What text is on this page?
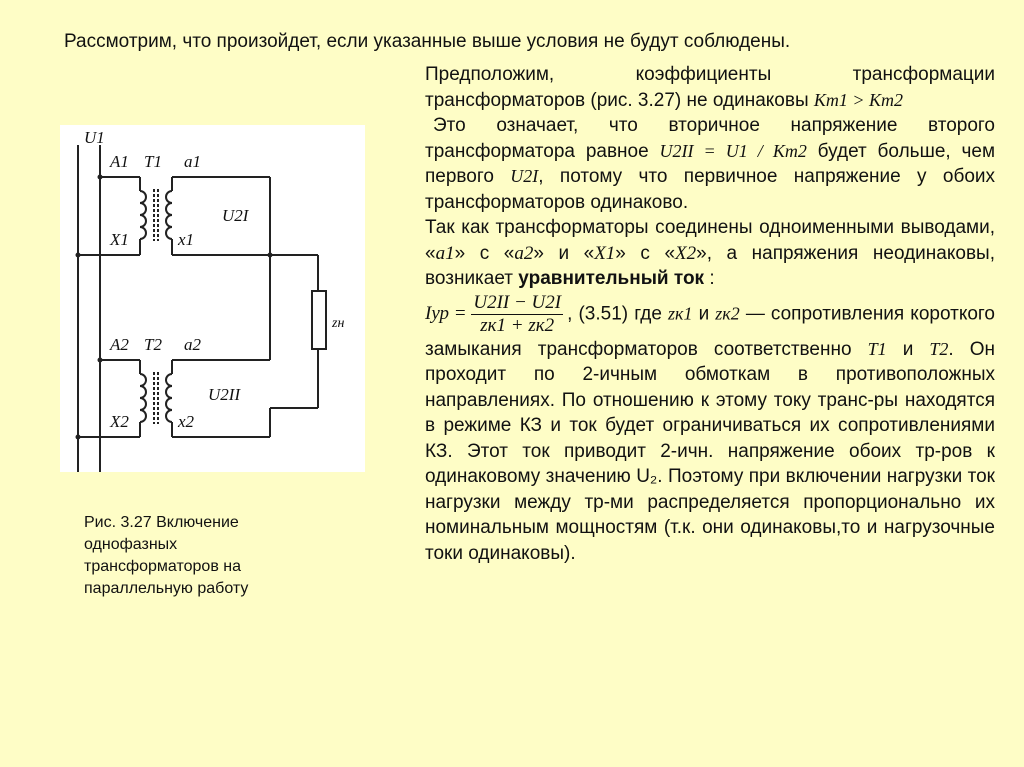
Рассмотрим, что произойдет, если указанные выше условия не будут соблюдены.
U1
A1 T1 a1
X1	x1
U2I
A2 T2 a2
X2	x2
U2II
zн
Рис. 3.27 Включение однофазных трансформаторов на параллельную работу

Предположим, коэффициенты трансформации трансформаторов (рис. 3.27) не одинаковы Kт1 > Kт2

Это означает, что вторичное напряжение второго трансформатора равное U2II = U1 / Kт2 будет больше, чем первого U2I, потому что первичное напряжение у обоих трансформаторов одинаково.

Так как трансформаторы соединены одноименными выводами, «a1» с «a2» и «X1» с «X2», а напряжения неодинаковы, возникает уравнительный ток :

Iур = $\frac{U2II - U2I}{zк1 + zк2}$ , (3.51) где zк1 и zк2 — сопротивления короткого замыкания трансформаторов соответственно T1 и T2. Он проходит по 2-ичным обмоткам в противоположных направлениях. По отношению к этому току транс-ры находятся в режиме КЗ и ток будет ограничиваться их сопротивлениями КЗ. Этот ток приводит 2-ичн. напряжение обоих тр-ров к одинаковому значению U₂. Поэтому при включении нагрузки ток нагрузки между тр-ми распределяется пропорционально их номинальным мощностям (т.к. они одинаковы,то и нагрузочные токи одинаковы).
